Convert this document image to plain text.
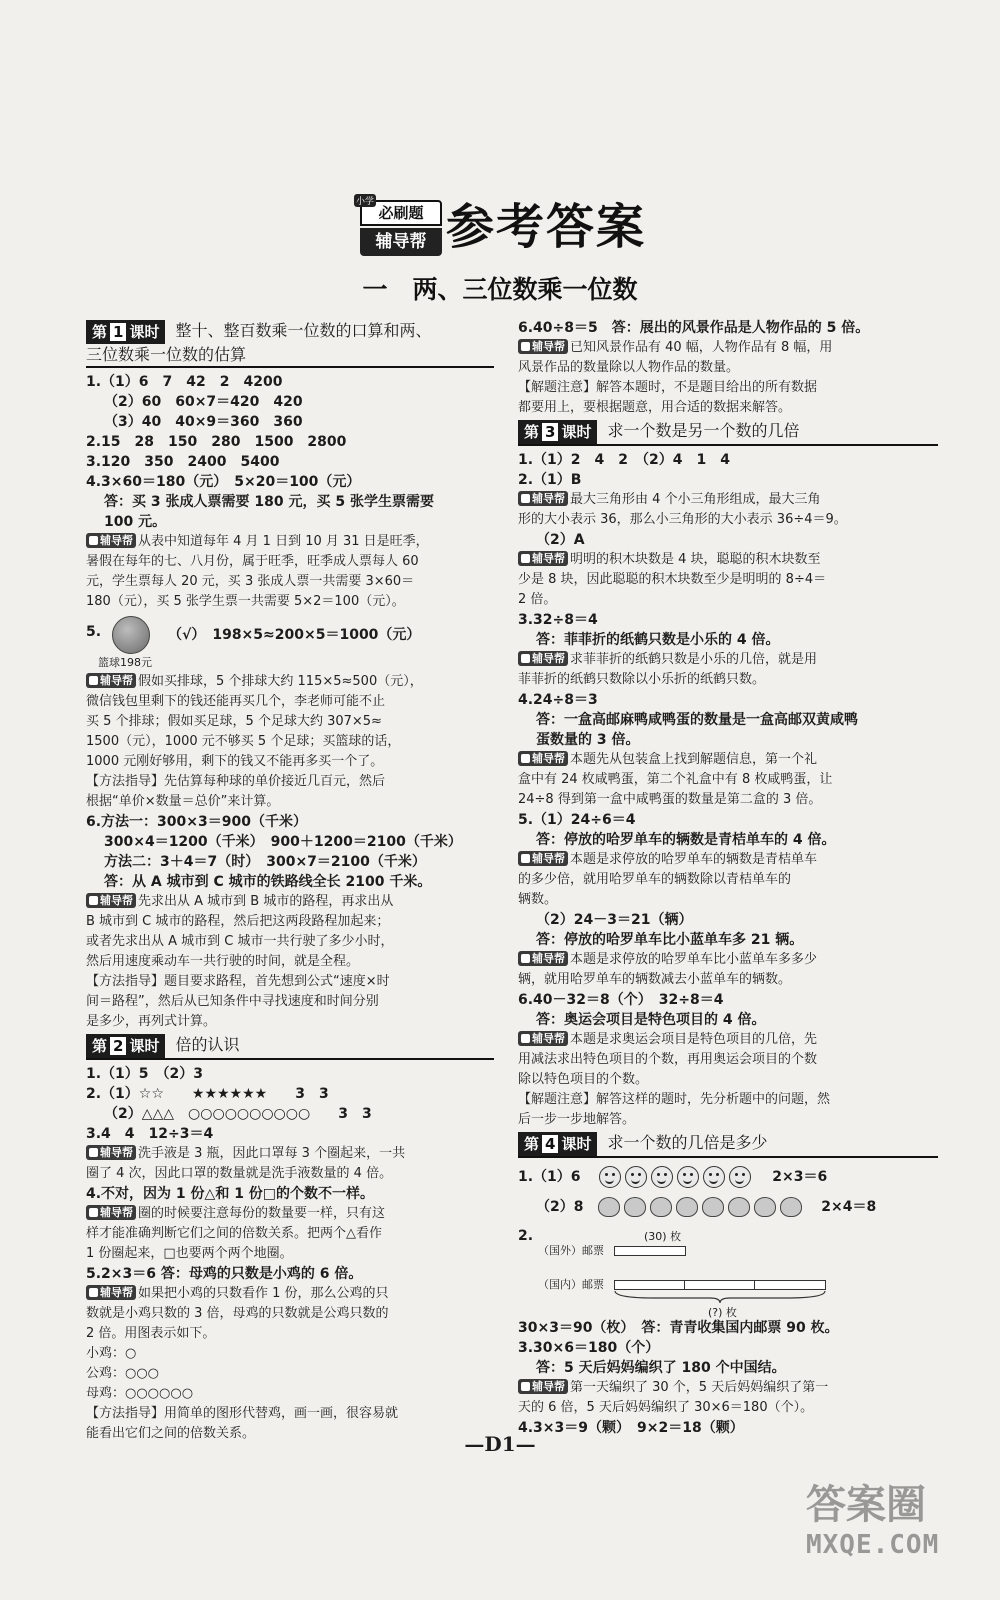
必刷题
小学
辅导帮 参考答案
一　两、三位数乘一位数
第 1 课时 整十、整百数乘一位数的口算和两、
三位数乘一位数的估算
1.（1）6　7　42　2　4200
（2）60　60×7＝420　420
（3）40　40×9＝360　360
2.15　28　150　280　1500　2800
3.120　350　2400　5400
4.3×60＝180（元）　5×20＝100（元）
答：买 3 张成人票需要 180 元，买 5 张学生票需要
100 元。
辅导帮 从表中知道每年 4 月 1 日到 10 月 31 日是旺季，
暑假在每年的七、八月份，属于旺季，旺季成人票每人 60
元，学生票每人 20 元，买 3 张成人票一共需要 3×60＝
180（元），买 5 张学生票一共需要 5×2＝100（元）。
5.
篮球198元
（√）　198×5≈200×5＝1000（元）
辅导帮 假如买排球，5 个排球大约 115×5≈500（元），
微信钱包里剩下的钱还能再买几个，李老师可能不止
买 5 个排球；假如买足球，5 个足球大约 307×5≈
1500（元），1000 元不够买 5 个足球；买篮球的话，
1000 元刚好够用，剩下的钱又不能再多买一个了。
【方法指导】先估算每种球的单价接近几百元，然后
根据“单价×数量＝总价”来计算。
6.方法一：300×3＝900（千米）
300×4＝1200（千米）　900＋1200＝2100（千米）
方法二：3＋4＝7（时）　300×7＝2100（千米）
答：从 A 城市到 C 城市的铁路线全长 2100 千米。
辅导帮 先求出从 A 城市到 B 城市的路程，再求出从
B 城市到 C 城市的路程，然后把这两段路程加起来；
或者先求出从 A 城市到 C 城市一共行驶了多少小时，
然后用速度乘动车一共行驶的时间，就是全程。
【方法指导】题目要求路程，首先想到公式“速度×时
间＝路程”，然后从已知条件中寻找速度和时间分别
是多少，再列式计算。
第 2 课时 倍的认识
1.（1）5　（2）3
2.（1）☆☆　　★★★★★★　　3　3
（2）△△△　○○○○○○○○○○　　3　3
3.4　4　12÷3＝4
辅导帮 洗手液是 3 瓶，因此口罩每 3 个圈起来，一共
圈了 4 次，因此口罩的数量就是洗手液数量的 4 倍。
4.不对，因为 1 份△和 1 份□的个数不一样。
辅导帮 圈的时候要注意每份的数量要一样，只有这
样才能准确判断它们之间的倍数关系。把两个△看作
1 份圈起来，□也要两个两个地圈。
5.2×3＝6 答：母鸡的只数是小鸡的 6 倍。
辅导帮 如果把小鸡的只数看作 1 份，那么公鸡的只
数就是小鸡只数的 3 倍，母鸡的只数就是公鸡只数的
2 倍。用图表示如下。
小鸡：○
公鸡：○○○
母鸡：○○○○○○
【方法指导】用简单的图形代替鸡，画一画，很容易就
能看出它们之间的倍数关系。
6.40÷8＝5　答：展出的风景作品是人物作品的 5 倍。
辅导帮 已知风景作品有 40 幅，人物作品有 8 幅，用
风景作品的数量除以人物作品的数量。
【解题注意】解答本题时，不是题目给出的所有数据
都要用上，要根据题意，用合适的数据来解答。
第 3 课时 求一个数是另一个数的几倍
1.（1）2　4　2　（2）4　1　4
2.（1）B
辅导帮 最大三角形由 4 个小三角形组成，最大三角
形的大小表示 36，那么小三角形的大小表示 36÷4＝9。
（2）A
辅导帮 明明的积木块数是 4 块，聪聪的积木块数至
少是 8 块，因此聪聪的积木块数至少是明明的 8÷4＝
2 倍。
3.32÷8＝4
答：菲菲折的纸鹤只数是小乐的 4 倍。
辅导帮 求菲菲折的纸鹤只数是小乐的几倍，就是用
菲菲折的纸鹤只数除以小乐折的纸鹤只数。
4.24÷8＝3
答：一盒高邮麻鸭咸鸭蛋的数量是一盒高邮双黄咸鸭
蛋数量的 3 倍。
辅导帮 本题先从包装盒上找到解题信息，第一个礼
盒中有 24 枚咸鸭蛋，第二个礼盒中有 8 枚咸鸭蛋，让
24÷8 得到第一盒中咸鸭蛋的数量是第二盒的 3 倍。
5.（1）24÷6＝4
答：停放的哈罗单车的辆数是青桔单车的 4 倍。
辅导帮 本题是求停放的哈罗单车的辆数是青桔单车
的多少倍，就用哈罗单车的辆数除以青桔单车的
辆数。
（2）24－3＝21（辆）
答：停放的哈罗单车比小蓝单车多 21 辆。
辅导帮 本题是求停放的哈罗单车比小蓝单车多多少
辆，就用哈罗单车的辆数减去小蓝单车的辆数。
6.40－32＝8（个）　32÷8＝4
答：奥运会项目是特色项目的 4 倍。
辅导帮 本题是求奥运会项目是特色项目的几倍，先
用减法求出特色项目的个数，再用奥运会项目的个数
除以特色项目的个数。
【解题注意】解答这样的题时，先分析题中的问题，然
后一步一步地解答。
第 4 课时 求一个数的几倍是多少
1.（1）6	2×3＝6
（2）8	2×4＝8
2.
（国外）邮票
(30) 枚
（国内）邮票
(?) 枚
30×3＝90（枚）　答：青青收集国内邮票 90 枚。
3.30×6＝180（个）
答：5 天后妈妈编织了 180 个中国结。
辅导帮 第一天编织了 30 个，5 天后妈妈编织了第一
天的 6 倍，5 天后妈妈编织了 30×6＝180（个）。
4.3×3＝9（颗）　9×2＝18（颗）
—D1—
答案圈
MXQE.COM
